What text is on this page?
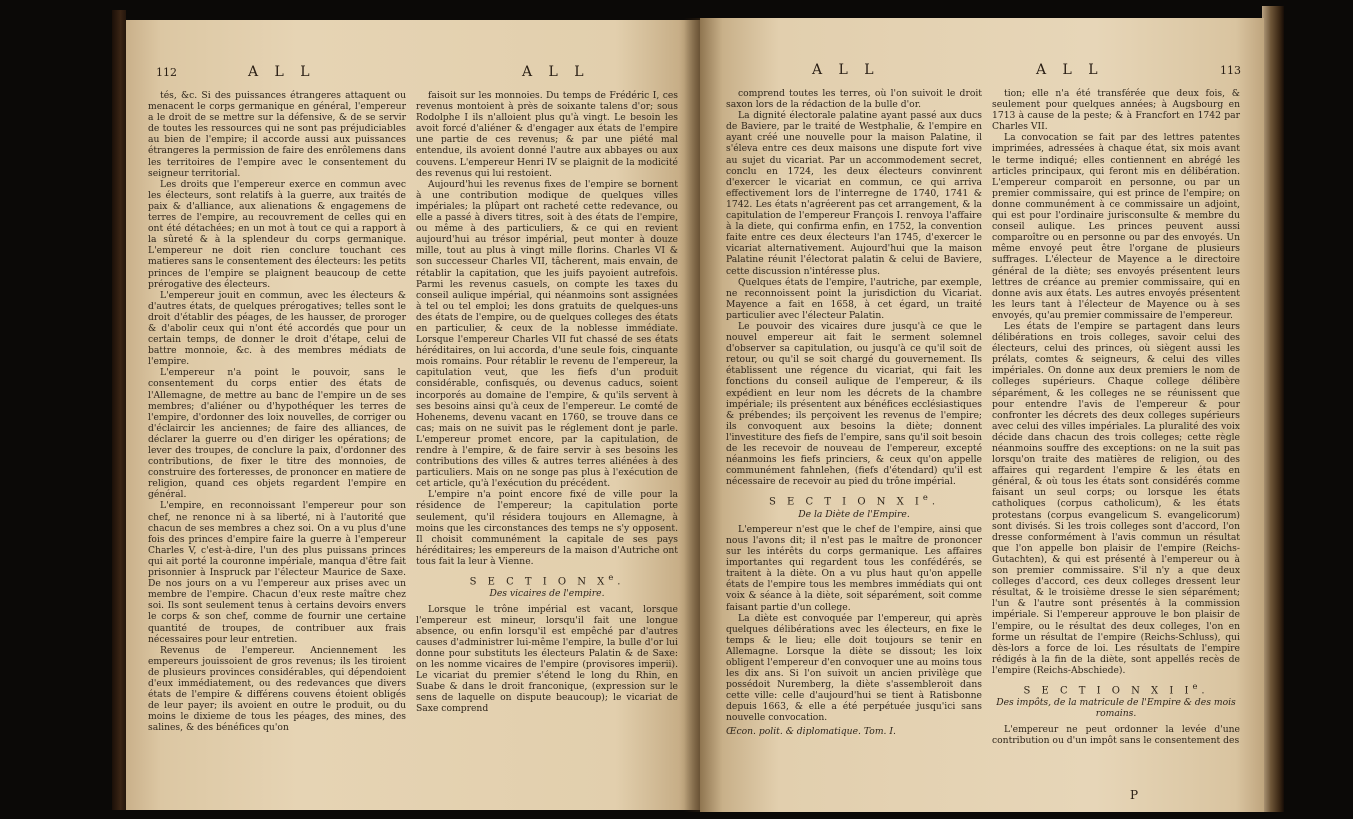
112	A L L	A L L

tés, &c. Si des puissances étrangeres attaquent ou menacent le corps germanique en général, l'empereur a le droit de se mettre sur la défensive, & de se servir de toutes les ressources qui ne sont pas préjudiciables au bien de l'empire; il accorde aussi aux puissances étrangeres la permission de faire des enrôlemens dans les territoires de l'empire avec le consentement du seigneur territorial.

Les droits que l'empereur exerce en commun avec les électeurs, sont relatifs à la guerre, aux traités de paix & d'alliance, aux alienations & engagemens de terres de l'empire, au recouvrement de celles qui en ont été détachées; en un mot à tout ce qui a rapport à la sûreté & à la splendeur du corps germanique. L'empereur ne doit rien conclure touchant ces matieres sans le consentement des électeurs: les petits princes de l'empire se plaignent beaucoup de cette prérogative des électeurs.

L'empereur jouit en commun, avec les électeurs & d'autres états, de quelques prérogatives; telles sont le droit d'établir des péages, de les hausser, de proroger & d'abolir ceux qui n'ont été accordés que pour un certain temps, de donner le droit d'étape, celui de battre monnoie, &c. à des membres médiats de l'empire.

L'empereur n'a point le pouvoir, sans le consentement du corps entier des états de l'Allemagne, de mettre au banc de l'empire un de ses membres; d'aliéner ou d'hypothéquer les terres de l'empire, d'ordonner des loix nouvelles, de corriger ou d'éclaircir les anciennes; de faire des alliances, de déclarer la guerre ou d'en diriger les opérations; de lever des troupes, de conclure la paix, d'ordonner des contributions, de fixer le titre des monnoies, de construire des forteresses, de prononcer en matiere de religion, quand ces objets regardent l'empire en général.

L'empire, en reconnoissant l'empereur pour son chef, ne renonce ni à sa liberté, ni à l'autorité que chacun de ses membres a chez soi. On a vu plus d'une fois des princes d'empire faire la guerre à l'empereur Charles V, c'est-à-dire, l'un des plus puissans princes qui ait porté la couronne impériale, manqua d'être fait prisonnier à Inspruck par l'électeur Maurice de Saxe. De nos jours on a vu l'empereur aux prises avec un membre de l'empire. Chacun d'eux reste maître chez soi. Ils sont seulement tenus à certains devoirs envers le corps & son chef, comme de fournir une certaine quantité de troupes, de contribuer aux frais nécessaires pour leur entretien.

Revenus de l'empereur. Anciennement les empereurs jouissoient de gros revenus; ils les tiroient de plusieurs provinces considérables, qui dépendoient d'eux immédiatement, ou des redevances que divers états de l'empire & différens couvens étoient obligés de leur payer; ils avoient en outre le produit, ou du moins le dixieme de tous les péages, des mines, des salines, & des bénéfices qu'on

faisoit sur les monnoies. Du temps de Frédéric I, ces revenus montoient à près de soixante talens d'or; sous Rodolphe I ils n'alloient plus qu'à vingt. Le besoin les avoit forcé d'aliéner & d'engager aux états de l'empire une partie de ces revenus; & par une piété mal entendue, ils avoient donné l'autre aux abbayes ou aux couvens. L'empereur Henri IV se plaignit de la modicité des revenus qui lui restoient.

Aujourd'hui les revenus fixes de l'empire se bornent à une contribution modique de quelques villes impériales; la plûpart ont racheté cette redevance, ou elle a passé à divers titres, soit à des états de l'empire, ou même à des particuliers, & ce qui en revient aujourd'hui au trésor impérial, peut monter à douze mille, tout au plus à vingt mille florins. Charles VI & son successeur Charles VII, tâcherent, mais envain, de rétablir la capitation, que les juifs payoient autrefois. Parmi les revenus casuels, on compte les taxes du conseil aulique impérial, qui néanmoins sont assignées à tel ou tel emploi; les dons gratuits de quelques-uns des états de l'empire, ou de quelques colleges des états en particulier, & ceux de la noblesse immédiate. Lorsque l'empereur Charles VII fut chassé de ses états héréditaires, on lui accorda, d'une seule fois, cinquante mois romains. Pour rétablir le revenu de l'empereur, la capitulation veut, que les fiefs d'un produit considérable, confisqués, ou devenus caducs, soient incorporés au domaine de l'empire, & qu'ils servent à ses besoins ainsi qu'à ceux de l'empereur. Le comté de Hohenems, devenu vacant en 1760, se trouve dans ce cas; mais on ne suivit pas le réglement dont je parle. L'empereur promet encore, par la capitulation, de rendre à l'empire, & de faire servir à ses besoins les contributions des villes & autres terres aliénées à des particuliers. Mais on ne songe pas plus à l'exécution de cet article, qu'à l'exécution du précédent.

L'empire n'a point encore fixé de ville pour la résidence de l'empereur; la capitulation porte seulement, qu'il résidera toujours en Allemagne, à moins que les circonstances des temps ne s'y opposent. Il choisit communément la capitale de ses pays héréditaires; les empereurs de la maison d'Autriche ont tous fait la leur à Vienne.

S E C T I O N Xe.

Des vicaires de l'empire.

Lorsque le trône impérial est vacant, lorsque l'empereur est mineur, lorsqu'il fait une longue absence, ou enfin lorsqu'il est empêché par d'autres causes d'administrer lui-même l'empire, la bulle d'or lui donne pour substituts les électeurs Palatin & de Saxe: on les nomme vicaires de l'empire (provisores imperii). Le vicariat du premier s'étend le long du Rhin, en Suabe & dans le droit franconique, (expression sur le sens de laquelle on dispute beaucoup); le vicariat de Saxe comprend

A L L	A L L	113

comprend toutes les terres, où l'on suivoit le droit saxon lors de la rédaction de la bulle d'or.

La dignité électorale palatine ayant passé aux ducs de Baviere, par le traité de Westphalie, & l'empire en ayant créé une nouvelle pour la maison Palatine, il s'éleva entre ces deux maisons une dispute fort vive au sujet du vicariat. Par un accommodement secret, conclu en 1724, les deux électeurs convinrent d'exercer le vicariat en commun, ce qui arriva effectivement lors de l'interregne de 1740, 1741 & 1742. Les états n'agréerent pas cet arrangement, & la capitulation de l'empereur François I. renvoya l'affaire à la diete, qui confirma enfin, en 1752, la convention faite entre ces deux électeurs l'an 1745, d'exercer le vicariat alternativement. Aujourd'hui que la maison Palatine réunit l'électorat palatin & celui de Baviere, cette discussion n'intéresse plus.

Quelques états de l'empire, l'autriche, par exemple, ne reconnoissent point la jurisdiction du Vicariat. Mayence a fait en 1658, à cet égard, un traité particulier avec l'électeur Palatin.

Le pouvoir des vicaires dure jusqu'à ce que le nouvel empereur ait fait le serment solemnel d'observer sa capitulation, ou jusqu'à ce qu'il soit de retour, ou qu'il se soit chargé du gouvernement. Ils établissent une régence du vicariat, qui fait les fonctions du conseil aulique de l'empereur, & ils expédient en leur nom les décrets de la chambre impériale; ils présentent aux bénéfices ecclésiastiques & prébendes; ils perçoivent les revenus de l'empire; ils convoquent aux besoins la diète; donnent l'investiture des fiefs de l'empire, sans qu'il soit besoin de les recevoir de nouveau de l'empereur, excepté néanmoins les fiefs princiers, & ceux qu'on appelle communément fahnlehen, (fiefs d'étendard) qu'il est nécessaire de recevoir au pied du trône impérial.

S E C T I O N X Ie.

De la Diète de l'Empire.

L'empereur n'est que le chef de l'empire, ainsi que nous l'avons dit; il n'est pas le maître de prononcer sur les intérêts du corps germanique. Les affaires importantes qui regardent tous les confédérés, se traitent à la diète. On a vu plus haut qu'on appelle états de l'empire tous les membres immédiats qui ont voix & séance à la diète, soit séparément, soit comme faisant partie d'un college.

La diète est convoquée par l'empereur, qui après quelques délibérations avec les électeurs, en fixe le temps & le lieu; elle doit toujours se tenir en Allemagne. Lorsque la diète se dissout; les loix obligent l'empereur d'en convoquer une au moins tous les dix ans. Si l'on suivoit un ancien privilège que possédoit Nuremberg, la diète s'assembleroit dans cette ville: celle d'aujourd'hui se tient à Ratisbonne depuis 1663, & elle a été perpétuée jusqu'ici sans nouvelle convocation.

Œcon. polit. & diplomatique. Tom. I.

tion; elle n'a été transférée que deux fois, & seulement pour quelques années; à Augsbourg en 1713 à cause de la peste; & à Francfort en 1742 par Charles VII.

La convocation se fait par des lettres patentes imprimées, adressées à chaque état, six mois avant le terme indiqué; elles contiennent en abrégé les articles principaux, qui feront mis en délibération. L'empereur comparoit en personne, ou par un premier commissaire, qui est prince de l'empire; on donne communément à ce commissaire un adjoint, qui est pour l'ordinaire jurisconsulte & membre du conseil aulique. Les princes peuvent aussi comparoître ou en personne ou par des envoyés. Un même envoyé peut être l'organe de plusieurs suffrages. L'électeur de Mayence a le directoire général de la diète; ses envoyés présentent leurs lettres de créance au premier commissaire, qui en donne avis aux états. Les autres envoyés présentent les leurs tant à l'électeur de Mayence ou à ses envoyés, qu'au premier commissaire de l'empereur.

Les états de l'empire se partagent dans leurs délibérations en trois colleges, savoir celui des électeurs, celui des princes, où siègent aussi les prélats, comtes & seigneurs, & celui des villes impériales. On donne aux deux premiers le nom de colleges supérieurs. Chaque college délibère séparément, & les colleges ne se réunissent que pour entendre l'avis de l'empereur & pour confronter les décrets des deux colleges supérieurs avec celui des villes impériales. La pluralité des voix décide dans chacun des trois colleges; cette règle néanmoins souffre des exceptions: on ne la suit pas lorsqu'on traite des matières de religion, ou des affaires qui regardent l'empire & les états en général, & où tous les états sont considérés comme faisant un seul corps; ou lorsque les états catholiques (corpus catholicum), & les états protestans (corpus evangelicum S. evangelicorum) sont divisés. Si les trois colleges sont d'accord, l'on dresse conformément à l'avis commun un résultat que l'on appelle bon plaisir de l'empire (Reichs-Gutachten), & qui est présenté à l'empereur ou à son premier commissaire. S'il n'y a que deux colleges d'accord, ces deux colleges dressent leur résultat, & le troisième dresse le sien séparément; l'un & l'autre sont présentés à la commission impériale. Si l'empereur approuve le bon plaisir de l'empire, ou le résultat des deux colleges, l'on en forme un résultat de l'empire (Reichs-Schluss), qui dès-lors a force de loi. Les résultats de l'empire rédigés à la fin de la diète, sont appellés recès de l'empire (Reichs-Abschiede).

S E C T I O N X I Ie.

Des impôts, de la matricule de l'Empire & des mois romains.

L'empereur ne peut ordonner la levée d'une contribution ou d'un impôt sans le consentement des

P
